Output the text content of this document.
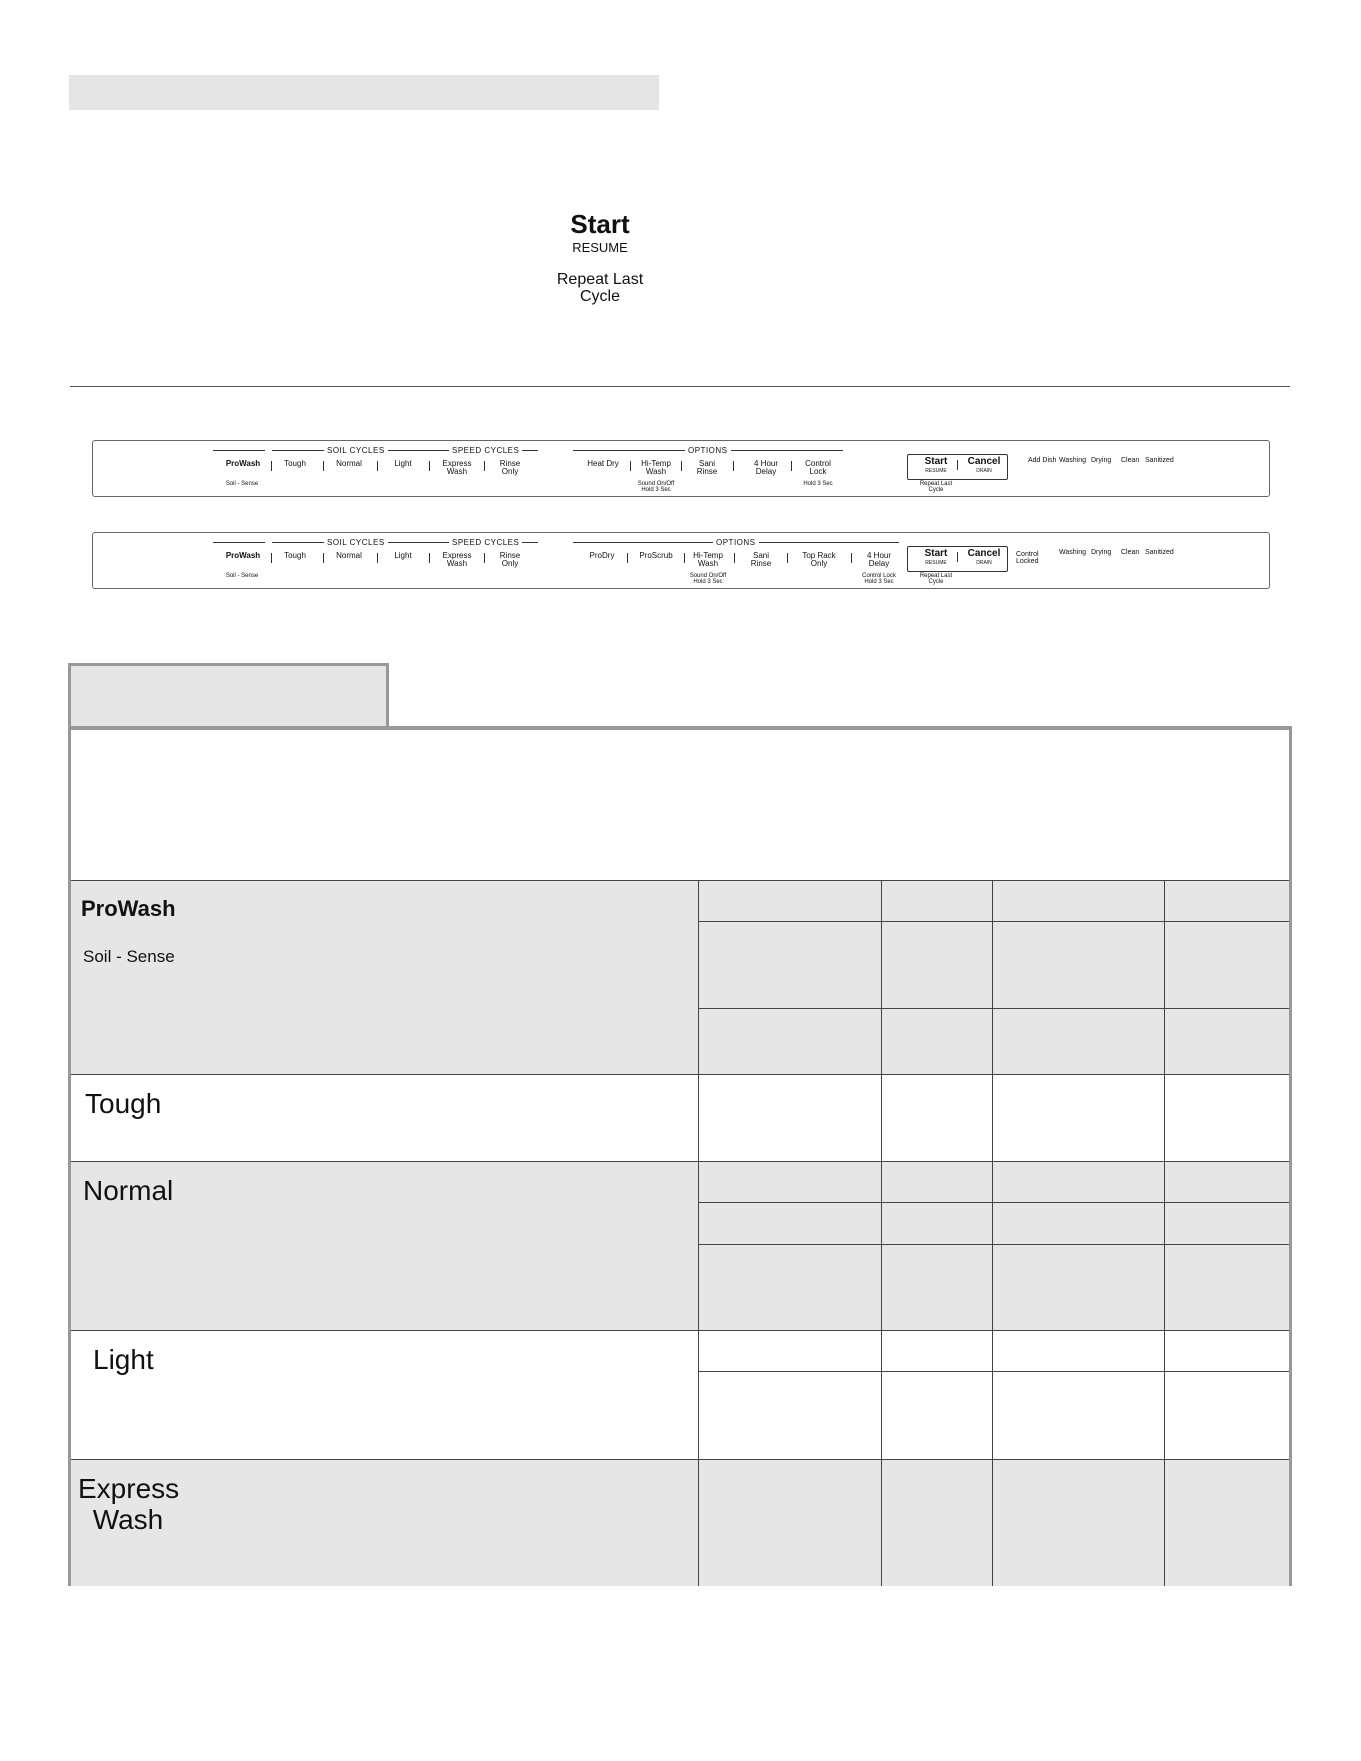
Start
RESUME
Repeat Last
Cycle
SOIL CYCLES	SPEED CYCLES	OPTIONS
ProWash	Tough	Normal	Light	Express
Wash
Rinse
Only
Heat Dry	Hi-Temp
Wash
Sani
Rinse
4 Hour
Delay
Control
Lock
Soil - Sense	Sound On/Off
Hold 3 Sec
Hold 3 Sec
Start
RESUME
Cancel
DRAIN
Repeat Last
Cycle
Add Dish Washing Drying Clean Sanitized
SOIL CYCLES	SPEED CYCLES	OPTIONS
ProWash	Tough	Normal	Light	Express
Wash
Rinse
Only
ProDry	ProScrub	Hi-Temp
Wash
Sani
Rinse
Top Rack
Only
4 Hour
Delay
Soil - Sense	Sound On/Off
Hold 3 Sec
Control Lock
Hold 3 Sec
Start
RESUME
Cancel
DRAIN
Repeat Last
Cycle
Control
Locked
Washing Drying Clean Sanitized
ProWash
Soil - Sense
Tough
Normal
Light
Express
Wash
